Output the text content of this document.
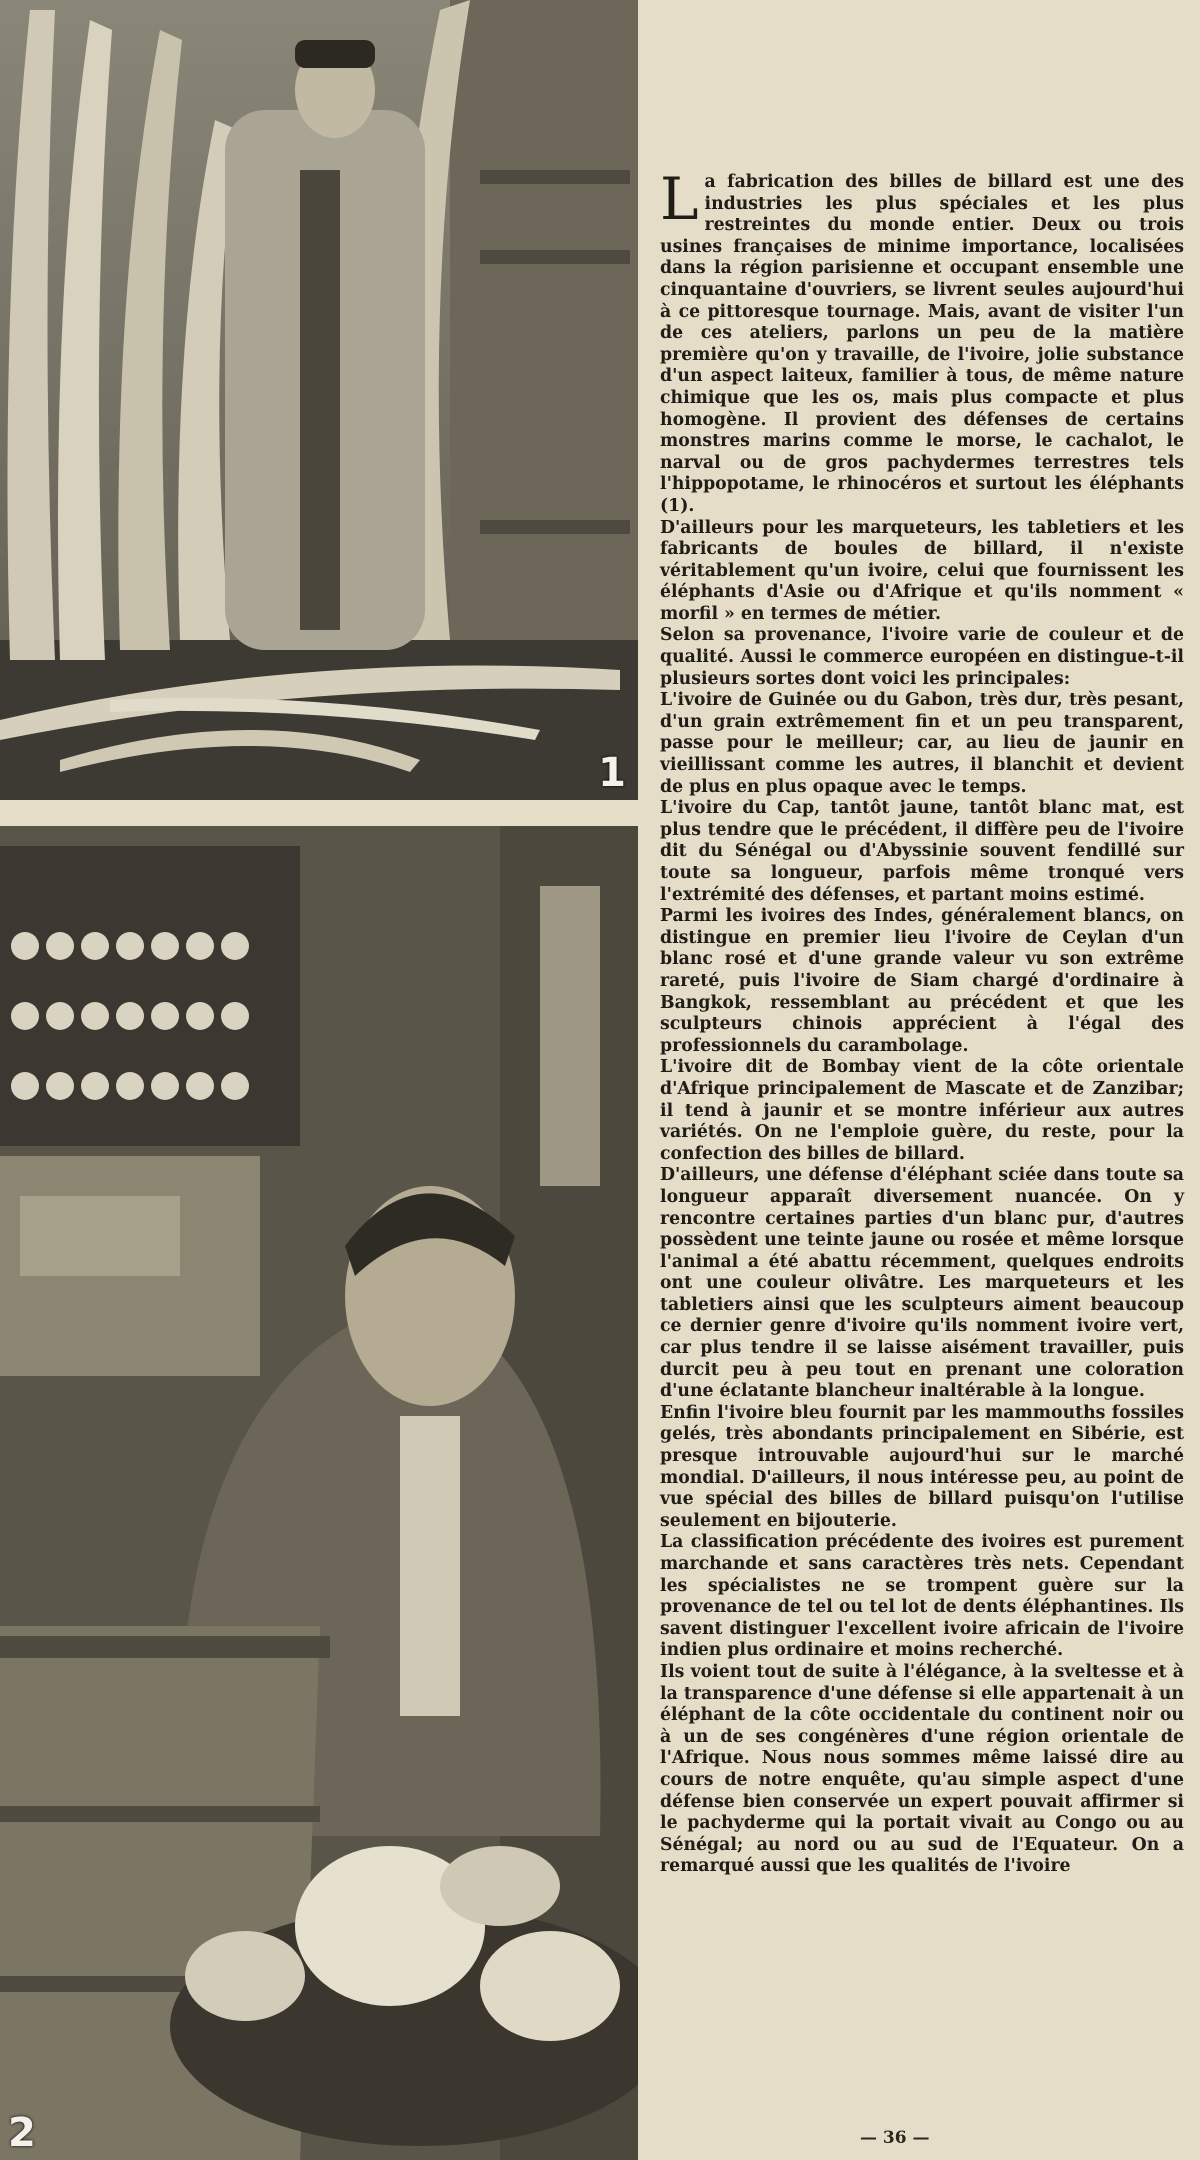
1
2

La fabrication des billes de billard est une des industries les plus spéciales et les plus restreintes du monde entier. Deux ou trois usines françaises de minime importance, localisées dans la région parisienne et occupant ensemble une cinquantaine d'ouvriers, se livrent seules aujourd'hui à ce pittoresque tournage. Mais, avant de visiter l'un de ces ateliers, parlons un peu de la matière première qu'on y travaille, de l'ivoire, jolie substance d'un aspect laiteux, familier à tous, de même nature chimique que les os, mais plus compacte et plus homogène. Il provient des défenses de certains monstres marins comme le morse, le cachalot, le narval ou de gros pachydermes terrestres tels l'hippopotame, le rhinocéros et surtout les éléphants (1).

D'ailleurs pour les marqueteurs, les tabletiers et les fabricants de boules de billard, il n'existe véritablement qu'un ivoire, celui que fournissent les éléphants d'Asie ou d'Afrique et qu'ils nomment « morfil » en termes de métier.

Selon sa provenance, l'ivoire varie de couleur et de qualité. Aussi le commerce européen en distingue-t-il plusieurs sortes dont voici les principales:

L'ivoire de Guinée ou du Gabon, très dur, très pesant, d'un grain extrêmement fin et un peu transparent, passe pour le meilleur; car, au lieu de jaunir en vieillissant comme les autres, il blanchit et devient de plus en plus opaque avec le temps.

L'ivoire du Cap, tantôt jaune, tantôt blanc mat, est plus tendre que le précédent, il diffère peu de l'ivoire dit du Sénégal ou d'Abyssinie souvent fendillé sur toute sa longueur, parfois même tronqué vers l'extrémité des défenses, et partant moins estimé.

Parmi les ivoires des Indes, généralement blancs, on distingue en premier lieu l'ivoire de Ceylan d'un blanc rosé et d'une grande valeur vu son extrême rareté, puis l'ivoire de Siam chargé d'ordinaire à Bangkok, ressemblant au précédent et que les sculpteurs chinois apprécient à l'égal des professionnels du carambolage.

L'ivoire dit de Bombay vient de la côte orientale d'Afrique principalement de Mascate et de Zanzibar; il tend à jaunir et se montre inférieur aux autres variétés. On ne l'emploie guère, du reste, pour la confection des billes de billard.

D'ailleurs, une défense d'éléphant sciée dans toute sa longueur apparaît diversement nuancée. On y rencontre certaines parties d'un blanc pur, d'autres possèdent une teinte jaune ou rosée et même lorsque l'animal a été abattu récemment, quelques endroits ont une couleur olivâtre. Les marqueteurs et les tabletiers ainsi que les sculpteurs aiment beaucoup ce dernier genre d'ivoire qu'ils nomment ivoire vert, car plus tendre il se laisse aisément travailler, puis durcit peu à peu tout en prenant une coloration d'une éclatante blancheur inaltérable à la longue.

Enfin l'ivoire bleu fournit par les mammouths fossiles gelés, très abondants principalement en Sibérie, est presque introuvable aujourd'hui sur le marché mondial. D'ailleurs, il nous intéresse peu, au point de vue spécial des billes de billard puisqu'on l'utilise seulement en bijouterie.

La classification précédente des ivoires est purement marchande et sans caractères très nets. Cependant les spécialistes ne se trompent guère sur la provenance de tel ou tel lot de dents éléphantines. Ils savent distinguer l'excellent ivoire africain de l'ivoire indien plus ordinaire et moins recherché.

Ils voient tout de suite à l'élégance, à la sveltesse et à la transparence d'une défense si elle appartenait à un éléphant de la côte occidentale du continent noir ou à un de ses congénères d'une région orientale de l'Afrique. Nous nous sommes même laissé dire au cours de notre enquête, qu'au simple aspect d'une défense bien conservée un expert pouvait affirmer si le pachyderme qui la portait vivait au Congo ou au Sénégal; au nord ou au sud de l'Equateur. On a remarqué aussi que les qualités de l'ivoire

— 36 —
